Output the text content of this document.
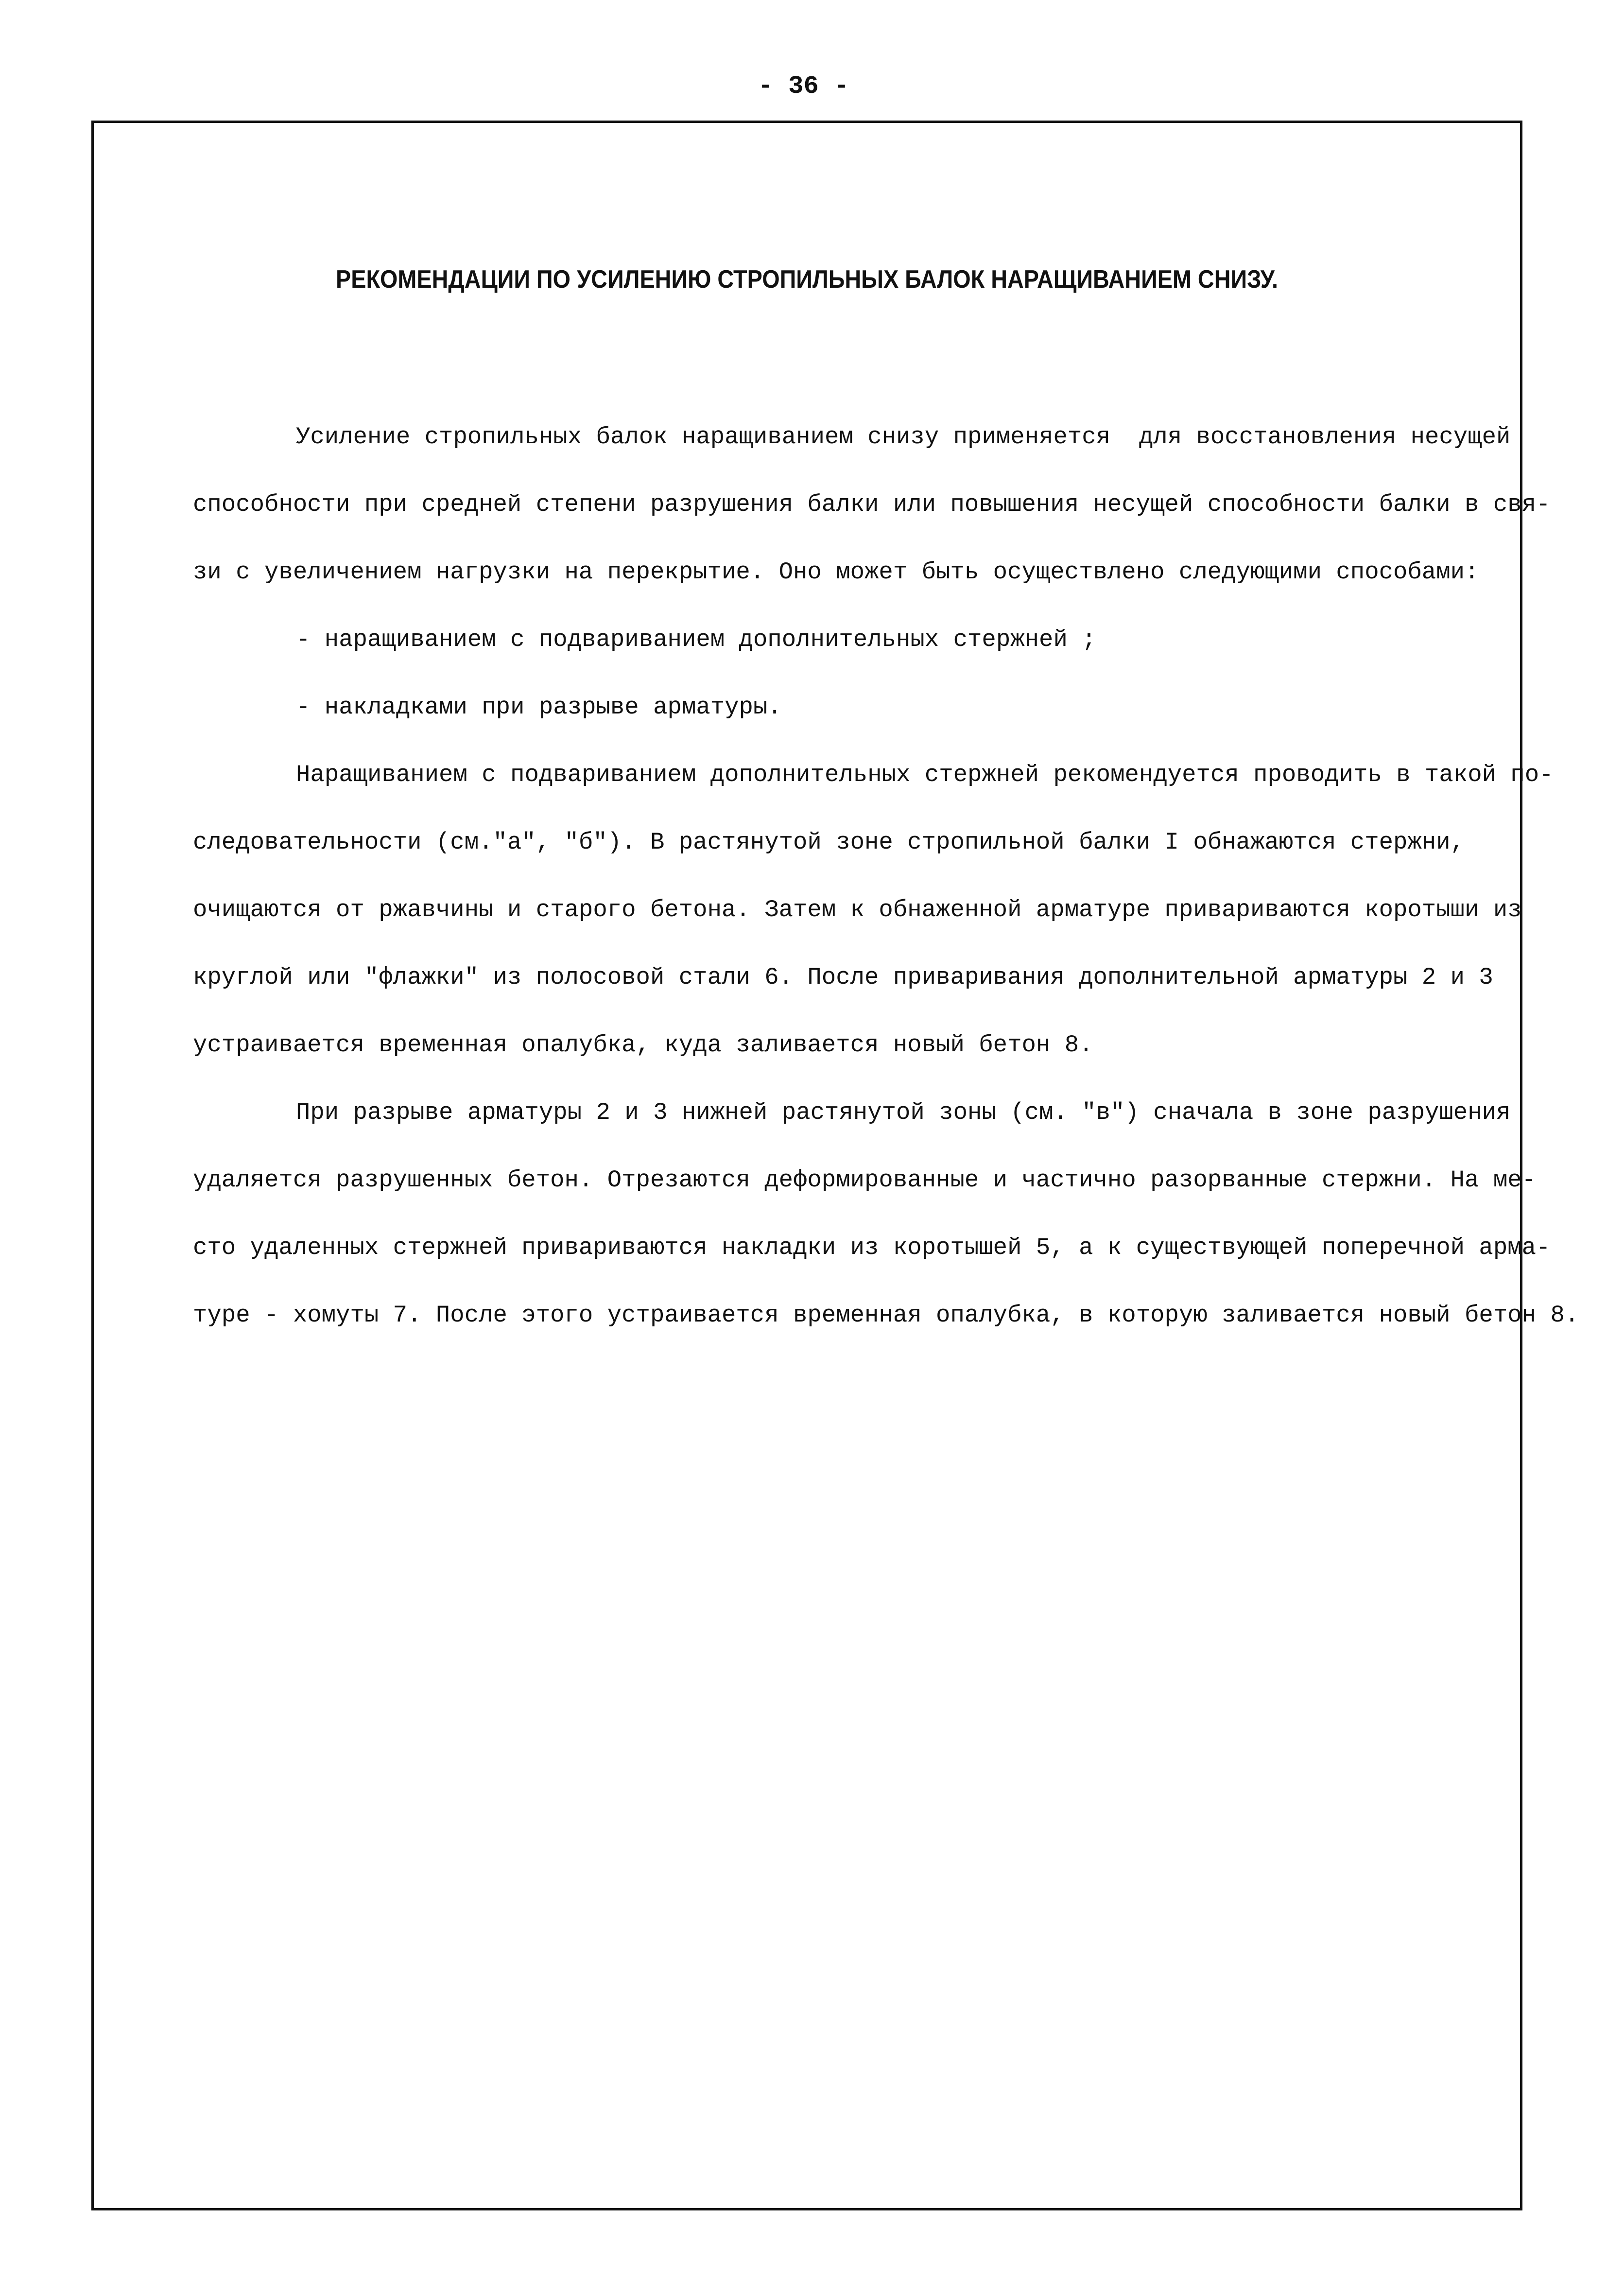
- 36 -
РЕКОМЕНДАЦИИ ПО УСИЛЕНИЮ СТРОПИЛЬНЫХ БАЛОК НАРАЩИВАНИЕМ СНИЗУ.
Усиление стропильных балок наращиванием снизу применяется  для восстановления несущей
способности при средней степени разрушения балки или повышения несущей способности балки в свя-
зи с увеличением нагрузки на перекрытие. Оно может быть осуществлено следующими способами:
- наращиванием с подвариванием дополнительных стержней ;
- накладками при разрыве арматуры.
Наращиванием с подвариванием дополнительных стержней рекомендуется проводить в такой по-
следовательности (см."а", "б"). В растянутой зоне стропильной балки I обнажаются стержни,
очищаются от ржавчины и старого бетона. Затем к обнаженной арматуре привариваются коротыши из
круглой или "флажки" из полосовой стали 6. После приваривания дополнительной арматуры 2 и 3
устраивается временная опалубка, куда заливается новый бетон 8.
При разрыве арматуры 2 и 3 нижней растянутой зоны (см. "в") сначала в зоне разрушения
удаляется разрушенных бетон. Отрезаются деформированные и частично разорванные стержни. На ме-
сто удаленных стержней привариваются накладки из коротышей 5, а к существующей поперечной арма-
туре - хомуты 7. После этого устраивается временная опалубка, в которую заливается новый бетон 8.
